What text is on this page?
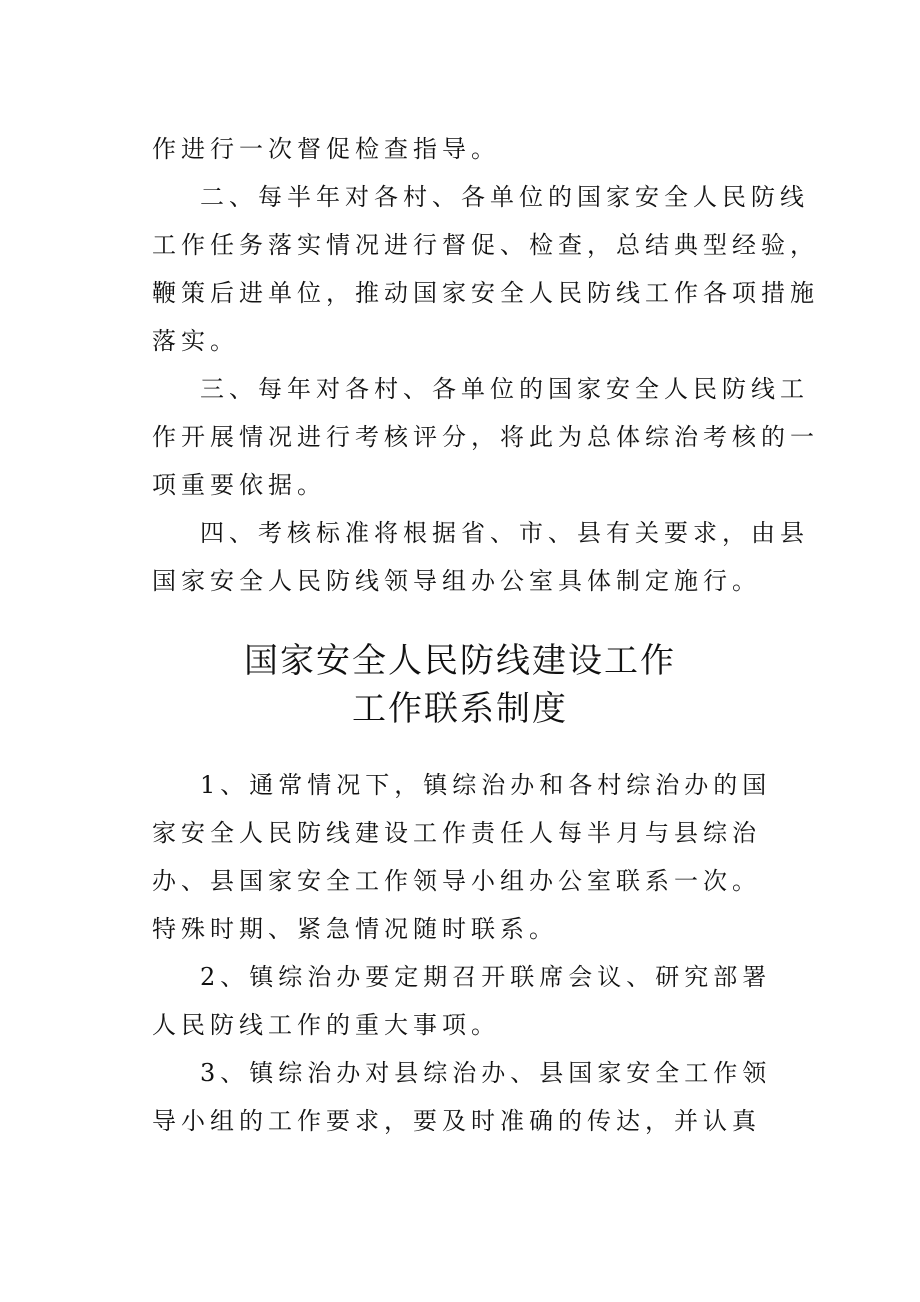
作进行一次督促检查指导。
二、每半年对各村、各单位的国家安全人民防线
工作任务落实情况进行督促、检查，总结典型经验，
鞭策后进单位，推动国家安全人民防线工作各项措施
落实。
三、每年对各村、各单位的国家安全人民防线工
作开展情况进行考核评分，将此为总体综治考核的一
项重要依据。
四、考核标准将根据省、市、县有关要求，由县
国家安全人民防线领导组办公室具体制定施行。
国家安全人民防线建设工作
工作联系制度
1、通常情况下，镇综治办和各村综治办的国
家安全人民防线建设工作责任人每半月与县综治
办、县国家安全工作领导小组办公室联系一次。
特殊时期、紧急情况随时联系。
2、镇综治办要定期召开联席会议、研究部署
人民防线工作的重大事项。
3、镇综治办对县综治办、县国家安全工作领
导小组的工作要求，要及时准确的传达，并认真
